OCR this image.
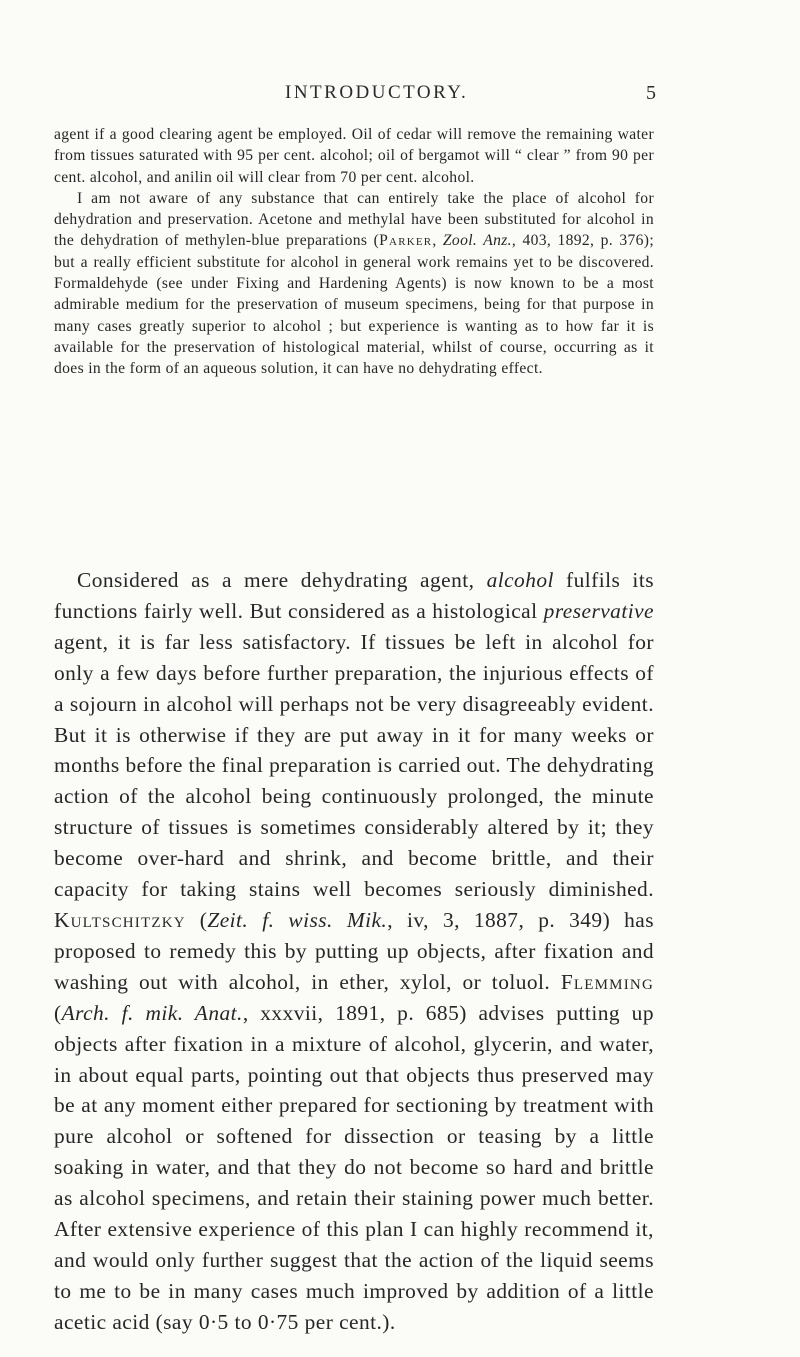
INTRODUCTORY.	5

agent if a good clearing agent be employed. Oil of cedar will remove the remaining water from tissues saturated with 95 per cent. alcohol; oil of bergamot will “ clear ” from 90 per cent. alcohol, and anilin oil will clear from 70 per cent. alcohol.

I am not aware of any substance that can entirely take the place of alcohol for dehydration and preservation. Acetone and methylal have been substituted for alcohol in the dehydration of methylen-blue preparations (Parker, Zool. Anz., 403, 1892, p. 376); but a really efficient substitute for alcohol in general work remains yet to be discovered. Formaldehyde (see under Fixing and Hardening Agents) is now known to be a most admirable medium for the preservation of museum specimens, being for that purpose in many cases greatly superior to alcohol ; but experience is wanting as to how far it is available for the preservation of histological material, whilst of course, occurring as it does in the form of an aqueous solution, it can have no dehydrating effect.

Considered as a mere dehydrating agent, alcohol fulfils its functions fairly well. But considered as a histological preservative agent, it is far less satisfactory. If tissues be left in alcohol for only a few days before further preparation, the injurious effects of a sojourn in alcohol will perhaps not be very disagreeably evident. But it is otherwise if they are put away in it for many weeks or months before the final preparation is carried out. The dehydrating action of the alcohol being continuously prolonged, the minute structure of tissues is sometimes considerably altered by it; they become over-hard and shrink, and become brittle, and their capacity for taking stains well becomes seriously diminished. Kultschitzky (Zeit. f. wiss. Mik., iv, 3, 1887, p. 349) has proposed to remedy this by putting up objects, after fixation and washing out with alcohol, in ether, xylol, or toluol. Flemming (Arch. f. mik. Anat., xxxvii, 1891, p. 685) advises putting up objects after fixation in a mixture of alcohol, glycerin, and water, in about equal parts, pointing out that objects thus preserved may be at any moment either prepared for sectioning by treatment with pure alcohol or softened for dissection or teasing by a little soaking in water, and that they do not become so hard and brittle as alcohol specimens, and retain their staining power much better. After extensive experience of this plan I can highly recommend it, and would only further suggest that the action of the liquid seems to me to be in many cases much improved by addition of a little acetic acid (say 0·5 to 0·75 per cent.).
